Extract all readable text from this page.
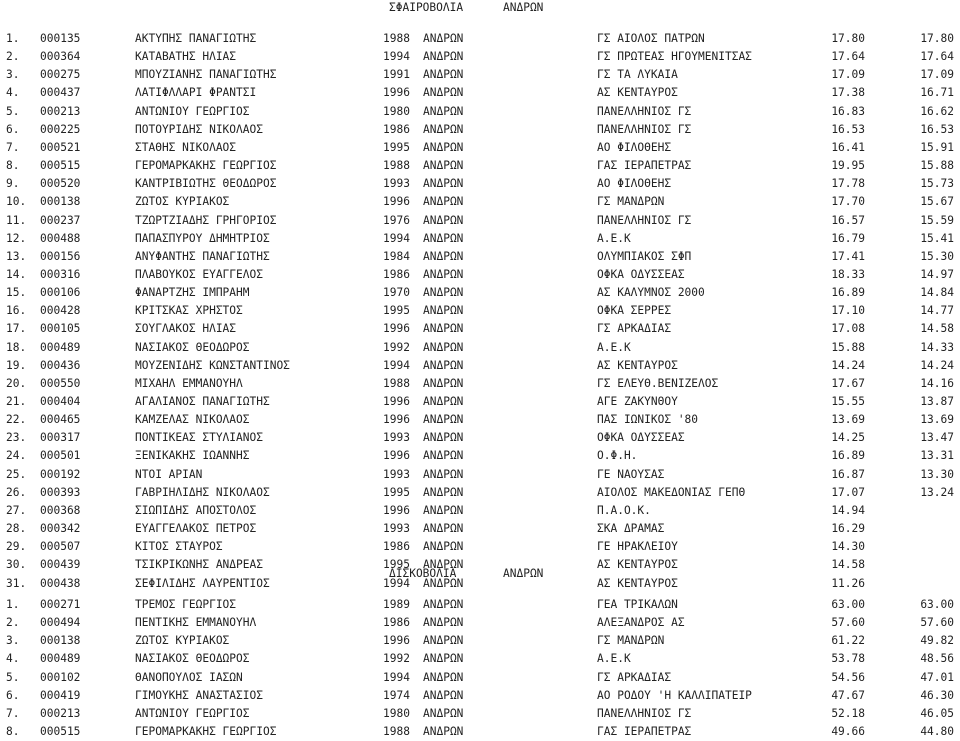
ΣΦΑΙΡΟΒΟΛΙΑ	ΑΝΔΡΩΝ
1.	000135	ΑΚΤΥΠΗΣ ΠΑΝΑΓΙΩΤΗΣ	1988 ΑΝΔΡΩΝ	ΓΣ ΑΙΟΛΟΣ ΠΑΤΡΩΝ	17.80	17.80
2.	000364	ΚΑΤΑΒΑΤΗΣ ΗΛΙΑΣ	1994 ΑΝΔΡΩΝ	ΓΣ ΠΡΩΤΕΑΣ ΗΓΟΥΜΕΝΙΤΣΑΣ	17.64	17.64
3.	000275	ΜΠΟΥΖΙΑΝΗΣ ΠΑΝΑΓΙΩΤΗΣ	1991 ΑΝΔΡΩΝ	ΓΣ ΤΑ ΛΥΚΑΙΑ	17.09	17.09
4.	000437	ΛΑΤΙΦΛΛΑΡΙ ΦΡΑΝΤΣΙ	1996 ΑΝΔΡΩΝ	ΑΣ ΚΕΝΤΑΥΡΟΣ	17.38	16.71
5.	000213	ΑΝΤΩΝΙΟΥ ΓΕΩΡΓΙΟΣ	1980 ΑΝΔΡΩΝ	ΠΑΝΕΛΛΗΝΙΟΣ ΓΣ	16.83	16.62
6.	000225	ΠΟΤΟΥΡΙΔΗΣ ΝΙΚΟΛΑΟΣ	1986 ΑΝΔΡΩΝ	ΠΑΝΕΛΛΗΝΙΟΣ ΓΣ	16.53	16.53
7.	000521	ΣΤΑΘΗΣ ΝΙΚΟΛΑΟΣ	1995 ΑΝΔΡΩΝ	ΑΟ ΦΙΛΟΘΕΗΣ	16.41	15.91
8.	000515	ΓΕΡΟΜΑΡΚΑΚΗΣ ΓΕΩΡΓΙΟΣ	1988 ΑΝΔΡΩΝ	ΓΑΣ ΙΕΡΑΠΕΤΡΑΣ	19.95	15.88
9.	000520	ΚΑΝΤΡΙΒΙΩΤΗΣ ΘΕΟΔΩΡΟΣ	1993 ΑΝΔΡΩΝ	ΑΟ ΦΙΛΟΘΕΗΣ	17.78	15.73
10.	000138	ΖΩΤΟΣ ΚΥΡΙΑΚΟΣ	1996 ΑΝΔΡΩΝ	ΓΣ ΜΑΝΔΡΩΝ	17.70	15.67
11.	000237	ΤΖΩΡΤΖΙΑΔΗΣ ΓΡΗΓΟΡΙΟΣ	1976 ΑΝΔΡΩΝ	ΠΑΝΕΛΛΗΝΙΟΣ ΓΣ	16.57	15.59
12.	000488	ΠΑΠΑΣΠΥΡΟΥ ΔΗΜΗΤΡΙΟΣ	1994 ΑΝΔΡΩΝ	Α.Ε.Κ	16.79	15.41
13.	000156	ΑΝΥΦΑΝΤΗΣ ΠΑΝΑΓΙΩΤΗΣ	1984 ΑΝΔΡΩΝ	ΟΛΥΜΠΙΑΚΟΣ ΣΦΠ	17.41	15.30
14.	000316	ΠΛΑΒΟΥΚΟΣ ΕΥΑΓΓΕΛΟΣ	1986 ΑΝΔΡΩΝ	ΟΦΚΑ ΟΔΥΣΣΕΑΣ	18.33	14.97
15.	000106	ΦΑΝΑΡΤΖΗΣ ΙΜΠΡΑΗΜ	1970 ΑΝΔΡΩΝ	ΑΣ ΚΑΛΥΜΝΟΣ 2000	16.89	14.84
16.	000428	ΚΡΙΤΣΚΑΣ ΧΡΗΣΤΟΣ	1995 ΑΝΔΡΩΝ	ΟΦΚΑ ΣΕΡΡΕΣ	17.10	14.77
17.	000105	ΣΟΥΓΛΑΚΟΣ ΗΛΙΑΣ	1996 ΑΝΔΡΩΝ	ΓΣ ΑΡΚΑΔΙΑΣ	17.08	14.58
18.	000489	ΝΑΣΙΑΚΟΣ ΘΕΟΔΩΡΟΣ	1992 ΑΝΔΡΩΝ	Α.Ε.Κ	15.88	14.33
19.	000436	ΜΟΥΖΕΝΙΔΗΣ ΚΩΝΣΤΑΝΤΙΝΟΣ	1994 ΑΝΔΡΩΝ	ΑΣ ΚΕΝΤΑΥΡΟΣ	14.24	14.24
20.	000550	ΜΙΧΑΗΛ ΕΜΜΑΝΟΥΗΛ	1988 ΑΝΔΡΩΝ	ΓΣ ΕΛΕΥΘ.ΒΕΝΙΖΕΛΟΣ	17.67	14.16
21.	000404	ΑΓΑΛΙΑΝΟΣ ΠΑΝΑΓΙΩΤΗΣ	1996 ΑΝΔΡΩΝ	ΑΓΕ ΖΑΚΥΝΘΟΥ	15.55	13.87
22.	000465	ΚΑΜΖΕΛΑΣ ΝΙΚΟΛΑΟΣ	1996 ΑΝΔΡΩΝ	ΠΑΣ ΙΩΝΙΚΟΣ '80	13.69	13.69
23.	000317	ΠΟΝΤΙΚΕΑΣ ΣΤΥΛΙΑΝΟΣ	1993 ΑΝΔΡΩΝ	ΟΦΚΑ ΟΔΥΣΣΕΑΣ	14.25	13.47
24.	000501	ΞΕΝΙΚΑΚΗΣ ΙΩΑΝΝΗΣ	1996 ΑΝΔΡΩΝ	Ο.Φ.Η.	16.89	13.31
25.	000192	ΝΤΟΙ ΑΡΙΑΝ	1993 ΑΝΔΡΩΝ	ΓΕ ΝΑΟΥΣΑΣ	16.87	13.30
26.	000393	ΓΑΒΡΙΗΛΙΔΗΣ ΝΙΚΟΛΑΟΣ	1995 ΑΝΔΡΩΝ	ΑΙΟΛΟΣ ΜΑΚΕΔΟΝΙΑΣ ΓΕΠΘ	17.07	13.24
27.	000368	ΣΙΩΠΙΔΗΣ ΑΠΟΣΤΟΛΟΣ	1996 ΑΝΔΡΩΝ	Π.Α.Ο.Κ.	14.94
28.	000342	ΕΥΑΓΓΕΛΑΚΟΣ ΠΕΤΡΟΣ	1993 ΑΝΔΡΩΝ	ΣΚΑ ΔΡΑΜΑΣ	16.29
29.	000507	ΚΙΤΟΣ ΣΤΑΥΡΟΣ	1986 ΑΝΔΡΩΝ	ΓΕ ΗΡΑΚΛΕΙΟΥ	14.30
30.	000439	ΤΣΙΚΡΙΚΩΝΗΣ ΑΝΔΡΕΑΣ	1995 ΑΝΔΡΩΝ	ΑΣ ΚΕΝΤΑΥΡΟΣ	14.58
31.	000438	ΣΕΦΙΛΙΔΗΣ ΛΑΥΡΕΝΤΙΟΣ	1994 ΑΝΔΡΩΝ	ΑΣ ΚΕΝΤΑΥΡΟΣ	11.26
ΔΙΣΚΟΒΟΛΙΑ	ΑΝΔΡΩΝ
1.	000271	ΤΡΕΜΟΣ ΓΕΩΡΓΙΟΣ	1989 ΑΝΔΡΩΝ	ΓΕΑ ΤΡΙΚΑΛΩΝ	63.00	63.00
2.	000494	ΠΕΝΤΙΚΗΣ ΕΜΜΑΝΟΥΗΛ	1986 ΑΝΔΡΩΝ	ΑΛΕΞΑΝΔΡΟΣ ΑΣ	57.60	57.60
3.	000138	ΖΩΤΟΣ ΚΥΡΙΑΚΟΣ	1996 ΑΝΔΡΩΝ	ΓΣ ΜΑΝΔΡΩΝ	61.22	49.82
4.	000489	ΝΑΣΙΑΚΟΣ ΘΕΟΔΩΡΟΣ	1992 ΑΝΔΡΩΝ	Α.Ε.Κ	53.78	48.56
5.	000102	ΘΑΝΟΠΟΥΛΟΣ ΙΑΣΩΝ	1994 ΑΝΔΡΩΝ	ΓΣ ΑΡΚΑΔΙΑΣ	54.56	47.01
6.	000419	ΓΙΜΟΥΚΗΣ ΑΝΑΣΤΑΣΙΟΣ	1974 ΑΝΔΡΩΝ	ΑΟ ΡΟΔΟΥ 'Η ΚΑΛΛΙΠΑΤΕΙΡ	47.67	46.30
7.	000213	ΑΝΤΩΝΙΟΥ ΓΕΩΡΓΙΟΣ	1980 ΑΝΔΡΩΝ	ΠΑΝΕΛΛΗΝΙΟΣ ΓΣ	52.18	46.05
8.	000515	ΓΕΡΟΜΑΡΚΑΚΗΣ ΓΕΩΡΓΙΟΣ	1988 ΑΝΔΡΩΝ	ΓΑΣ ΙΕΡΑΠΕΤΡΑΣ	49.66	44.80
